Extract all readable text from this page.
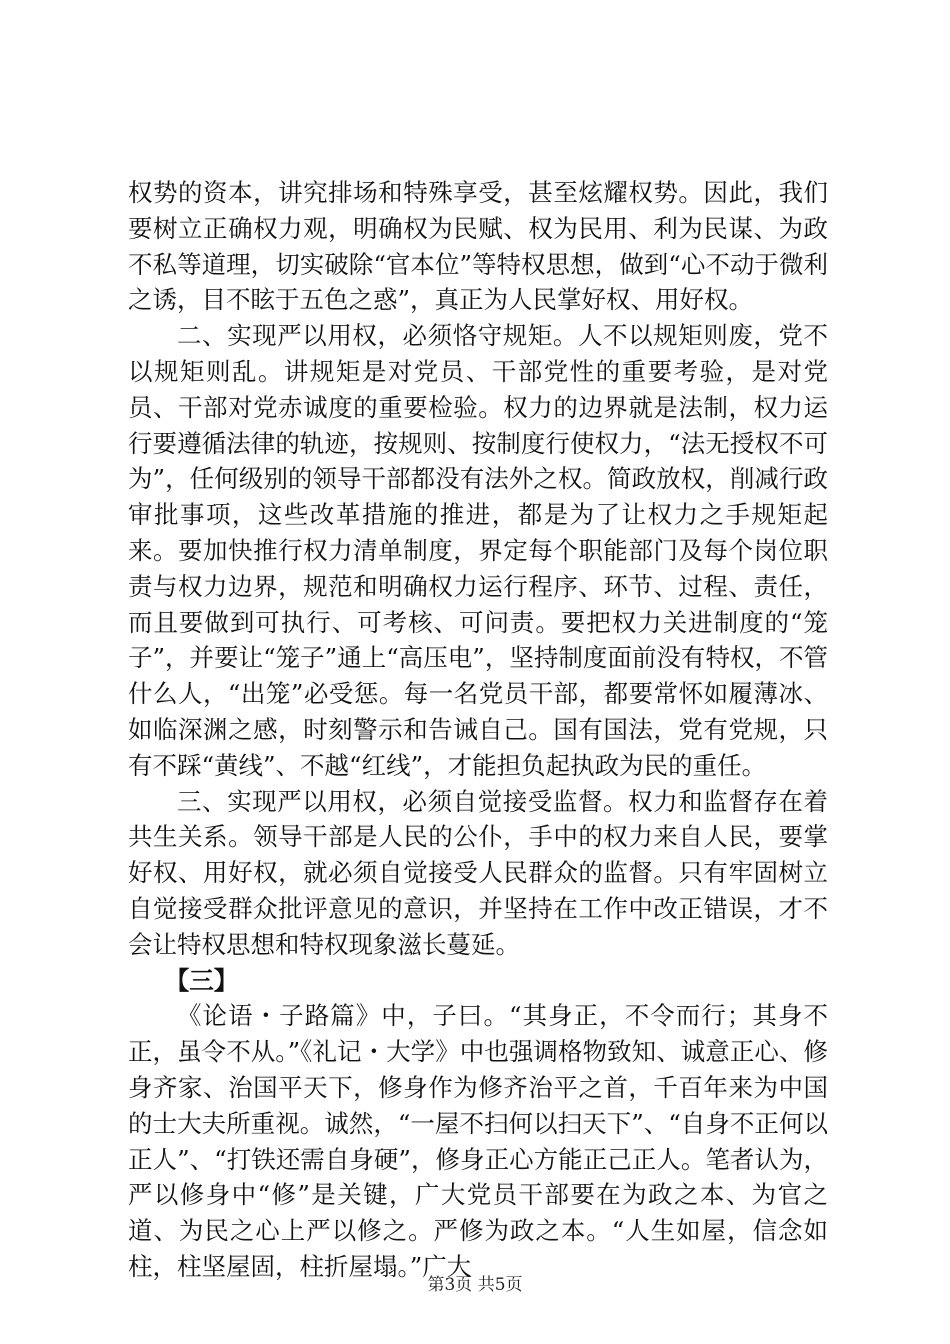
权势的资本，讲究排场和特殊享受，甚至炫耀权势。因此，我们要树立正确权力观，明确权为民赋、权为民用、利为民谋、为政不私等道理，切实破除“官本位”等特权思想，做到“心不动于微利之诱，目不眩于五色之惑”，真正为人民掌好权、用好权。

二、实现严以用权，必须恪守规矩。人不以规矩则废，党不以规矩则乱。讲规矩是对党员、干部党性的重要考验，是对党员、干部对党赤诚度的重要检验。权力的边界就是法制，权力运行要遵循法律的轨迹，按规则、按制度行使权力，“法无授权不可为”，任何级别的领导干部都没有法外之权。简政放权，削减行政审批事项，这些改革措施的推进，都是为了让权力之手规矩起来。要加快推行权力清单制度，界定每个职能部门及每个岗位职责与权力边界，规范和明确权力运行程序、环节、过程、责任，而且要做到可执行、可考核、可问责。要把权力关进制度的“笼子”，并要让“笼子”通上“高压电”，坚持制度面前没有特权，不管什么人，“出笼”必受惩。每一名党员干部，都要常怀如履薄冰、如临深渊之感，时刻警示和告诫自己。国有国法，党有党规，只有不踩“黄线”、不越“红线”，才能担负起执政为民的重任。

三、实现严以用权，必须自觉接受监督。权力和监督存在着共生关系。领导干部是人民的公仆，手中的权力来自人民，要掌好权、用好权，就必须自觉接受人民群众的监督。只有牢固树立自觉接受群众批评意见的意识，并坚持在工作中改正错误，才不会让特权思想和特权现象滋长蔓延。

【三】

《论语・子路篇》中，子曰。“其身正，不令而行；其身不正，虽令不从。”《礼记・大学》中也强调格物致知、诚意正心、修身齐家、治国平天下，修身作为修齐治平之首，千百年来为中国的士大夫所重视。诚然，“一屋不扫何以扫天下”、“自身不正何以正人”、“打铁还需自身硬”，修身正心方能正己正人。笔者认为，严以修身中“修”是关键，广大党员干部要在为政之本、为官之道、为民之心上严以修之。严修为政之本。“人生如屋，信念如柱，柱坚屋固，柱折屋塌。”广大

第3页 共5页
